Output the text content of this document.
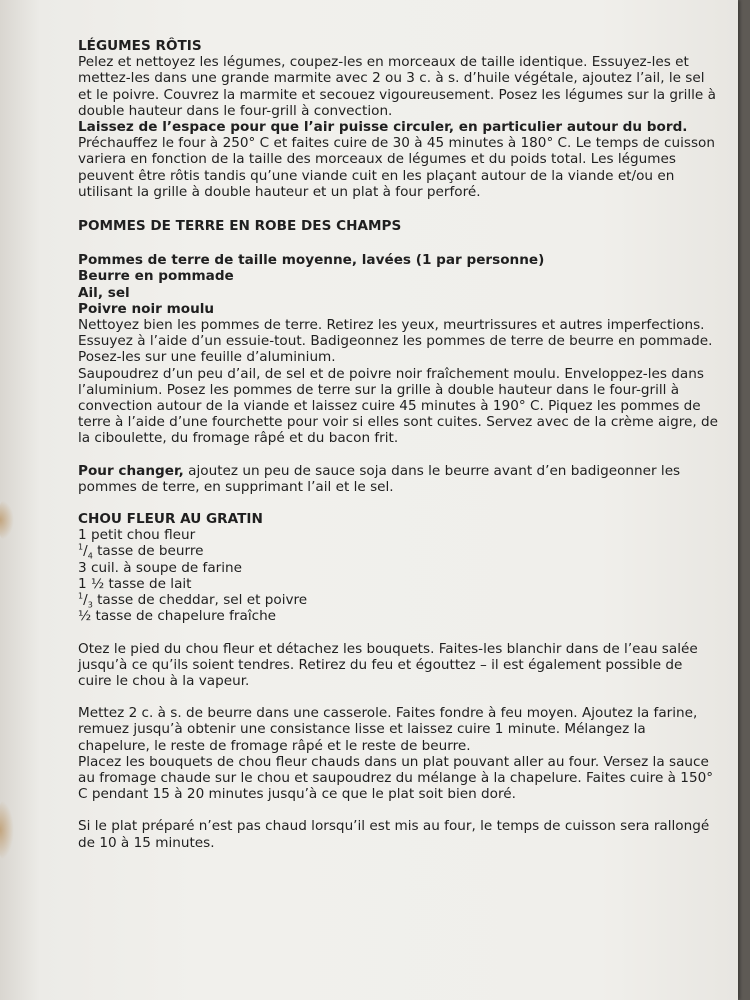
LÉGUMES RÔTIS

Pelez et nettoyez les légumes, coupez-les en morceaux de taille identique. Essuyez-les et mettez-les dans une grande marmite avec 2 ou 3 c. à s. d’huile végétale, ajoutez l’ail, le sel et le poivre. Couvrez la marmite et secouez vigoureusement. Posez les légumes sur la grille à double hauteur dans le four-grill à convection.

Laissez de l’espace pour que l’air puisse circuler, en particulier autour du bord.

Préchauffez le four à 250° C et faites cuire de 30 à 45 minutes à 180° C. Le temps de cuisson variera en fonction de la taille des morceaux de légumes et du poids total. Les légumes peuvent être rôtis tandis qu’une viande cuit en les plaçant autour de la viande et/ou en utilisant la grille à double hauteur et un plat à four perforé.

POMMES DE TERRE EN ROBE DES CHAMPS

Pommes de terre de taille moyenne, lavées (1 par personne)

Beurre en pommade

Ail, sel

Poivre noir moulu

Nettoyez bien les pommes de terre. Retirez les yeux, meurtrissures et autres imperfections. Essuyez à l’aide d’un essuie-tout. Badigeonnez les pommes de terre de beurre en pommade. Posez-les sur une feuille d’aluminium.

Saupoudrez d’un peu d’ail, de sel et de poivre noir fraîchement moulu. Enveloppez-les dans l’aluminium. Posez les pommes de terre sur la grille à double hauteur dans le four-grill à convection autour de la viande et laissez cuire 45 minutes à 190° C. Piquez les pommes de terre à l’aide d’une fourchette pour voir si elles sont cuites. Servez avec de la crème aigre, de la ciboulette, du fromage râpé et du bacon frit.

Pour changer, ajoutez un peu de sauce soja dans le beurre avant d’en badigeonner les pommes de terre, en supprimant l’ail et le sel.

CHOU FLEUR AU GRATIN

1 petit chou fleur

$^1/_4$ tasse de beurre

3 cuil. à soupe de farine

1 ½ tasse de lait

$^1/_3$ tasse de cheddar, sel et poivre

½ tasse de chapelure fraîche

Otez le pied du chou fleur et détachez les bouquets. Faites-les blanchir dans de l’eau salée jusqu’à ce qu’ils soient tendres. Retirez du feu et égouttez – il est également possible de cuire le chou à la vapeur.

Mettez 2 c. à s. de beurre dans une casserole. Faites fondre à feu moyen. Ajoutez la farine, remuez jusqu’à obtenir une consistance lisse et laissez cuire 1 minute. Mélangez la chapelure, le reste de fromage râpé et le reste de beurre.

Placez les bouquets de chou fleur chauds dans un plat pouvant aller au four. Versez la sauce au fromage chaude sur le chou et saupoudrez du mélange à la chapelure. Faites cuire à 150° C pendant 15 à 20 minutes jusqu’à ce que le plat soit bien doré.

Si le plat préparé n’est pas chaud lorsqu’il est mis au four, le temps de cuisson sera rallongé de 10 à 15 minutes.
